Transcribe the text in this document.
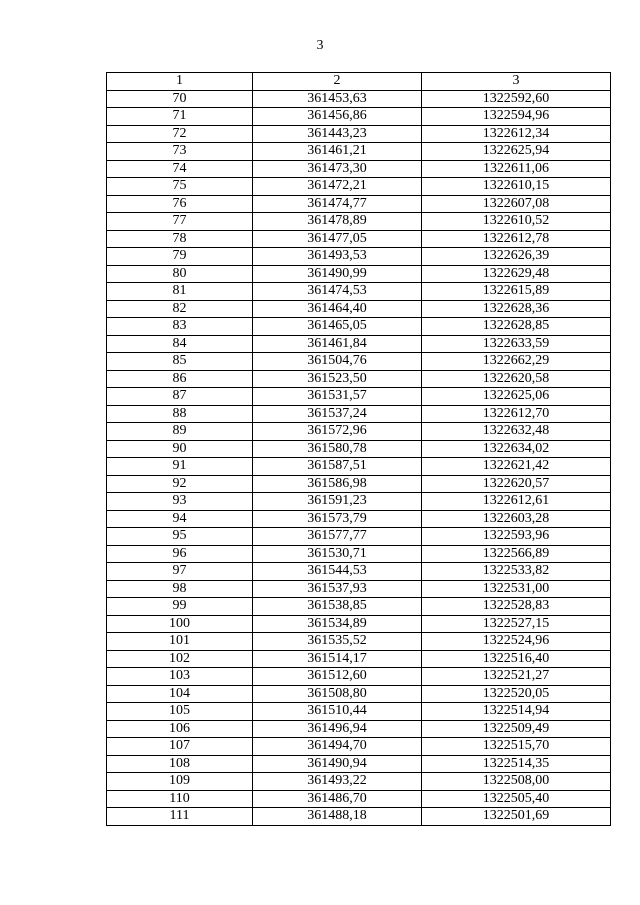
3
1	2	3
70	361453,63	1322592,60
71	361456,86	1322594,96
72	361443,23	1322612,34
73	361461,21	1322625,94
74	361473,30	1322611,06
75	361472,21	1322610,15
76	361474,77	1322607,08
77	361478,89	1322610,52
78	361477,05	1322612,78
79	361493,53	1322626,39
80	361490,99	1322629,48
81	361474,53	1322615,89
82	361464,40	1322628,36
83	361465,05	1322628,85
84	361461,84	1322633,59
85	361504,76	1322662,29
86	361523,50	1322620,58
87	361531,57	1322625,06
88	361537,24	1322612,70
89	361572,96	1322632,48
90	361580,78	1322634,02
91	361587,51	1322621,42
92	361586,98	1322620,57
93	361591,23	1322612,61
94	361573,79	1322603,28
95	361577,77	1322593,96
96	361530,71	1322566,89
97	361544,53	1322533,82
98	361537,93	1322531,00
99	361538,85	1322528,83
100	361534,89	1322527,15
101	361535,52	1322524,96
102	361514,17	1322516,40
103	361512,60	1322521,27
104	361508,80	1322520,05
105	361510,44	1322514,94
106	361496,94	1322509,49
107	361494,70	1322515,70
108	361490,94	1322514,35
109	361493,22	1322508,00
110	361486,70	1322505,40
111	361488,18	1322501,69
